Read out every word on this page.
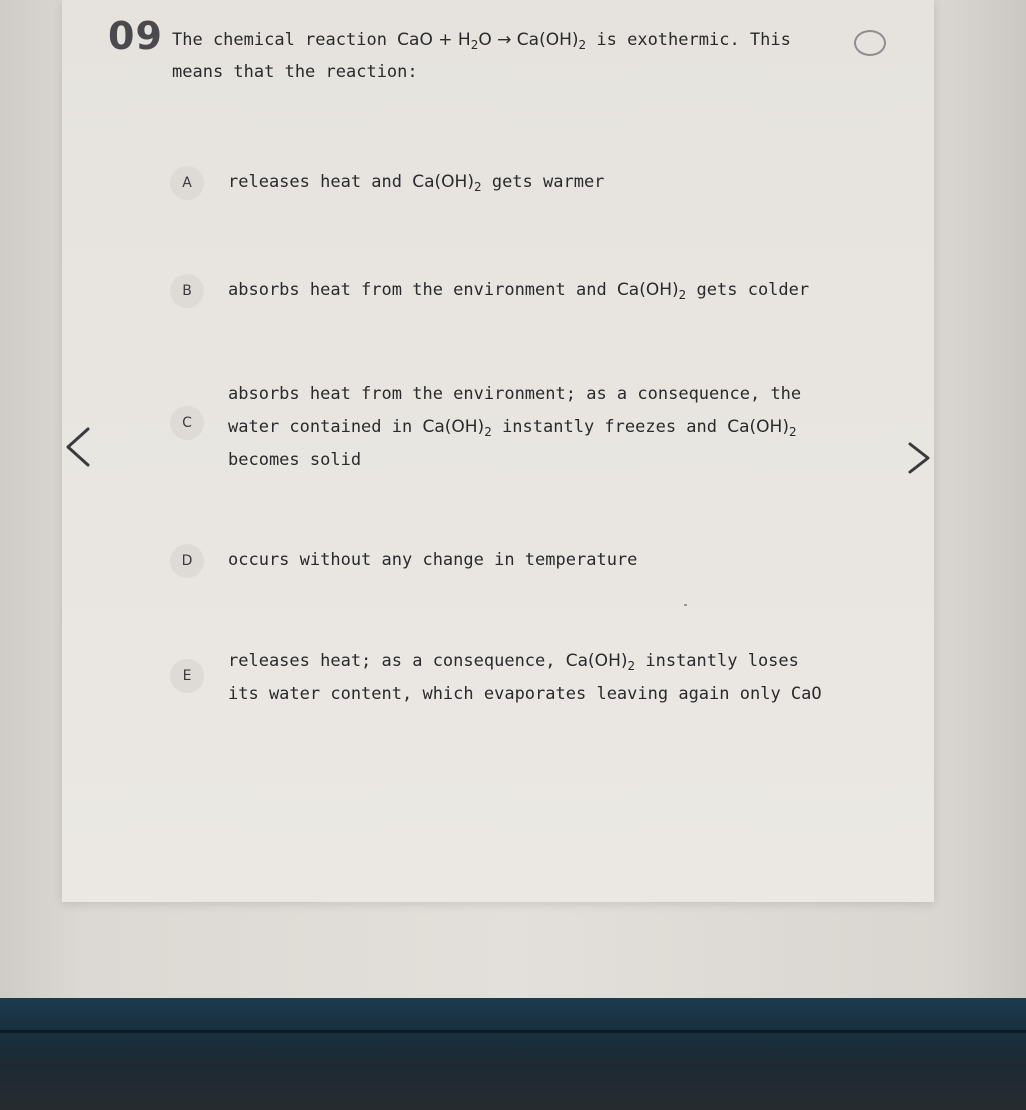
09 The chemical reaction CaO + $H_2O \to Ca(OH)_2$ is exothermic. This means that the reaction:
A	releases heat and $Ca(OH)_2$ gets warmer
B	absorbs heat from the environment and $Ca(OH)_2$ gets colder
C
absorbs heat from the environment; as a consequence, the water contained in $Ca(OH)_2$ instantly freezes and $Ca(OH)_2$ becomes solid
D	occurs without any change in temperature
E
releases heat; as a consequence, $Ca(OH)_2$ instantly loses its water content, which evaporates leaving again only CaO
